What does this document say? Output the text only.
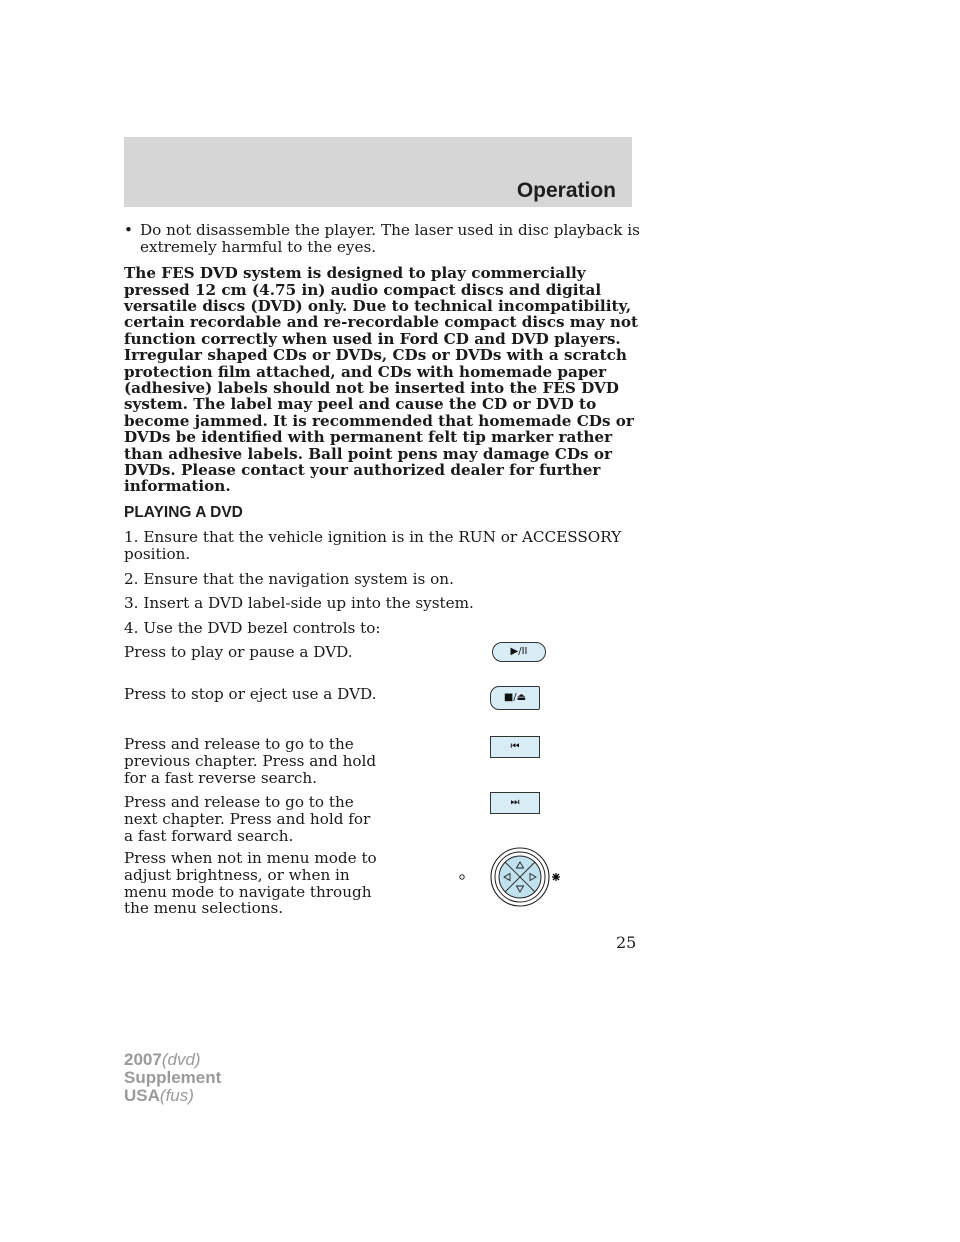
Operation
• Do not disassemble the player. The laser used in disc playback is extremely harmful to the eyes.

The FES DVD system is designed to play commercially pressed 12 cm (4.75 in) audio compact discs and digital versatile discs (DVD) only. Due to technical incompatibility, certain recordable and re-recordable compact discs may not function correctly when used in Ford CD and DVD players. Irregular shaped CDs or DVDs, CDs or DVDs with a scratch protection film attached, and CDs with homemade paper (adhesive) labels should not be inserted into the FES DVD system. The label may peel and cause the CD or DVD to become jammed. It is recommended that homemade CDs or DVDs be identified with permanent felt tip marker rather than adhesive labels. Ball point pens may damage CDs or DVDs. Please contact your authorized dealer for further information.

PLAYING A DVD

1. Ensure that the vehicle ignition is in the RUN or ACCESSORY position.

2. Ensure that the navigation system is on.

3. Insert a DVD label-side up into the system.

4. Use the DVD bezel controls to:

Press to play or pause a DVD.	▶/II
Press to stop or eject use a DVD.	■/⏏
Press and release to go to the previous chapter. Press and hold for a fast reverse search.
⏮
Press and release to go to the next chapter. Press and hold for a fast forward search.
⏭
Press when not in menu mode to adjust brightness, or when in menu mode to navigate through the menu selections.
25
2007(dvd)
Supplement
USA(fus)
